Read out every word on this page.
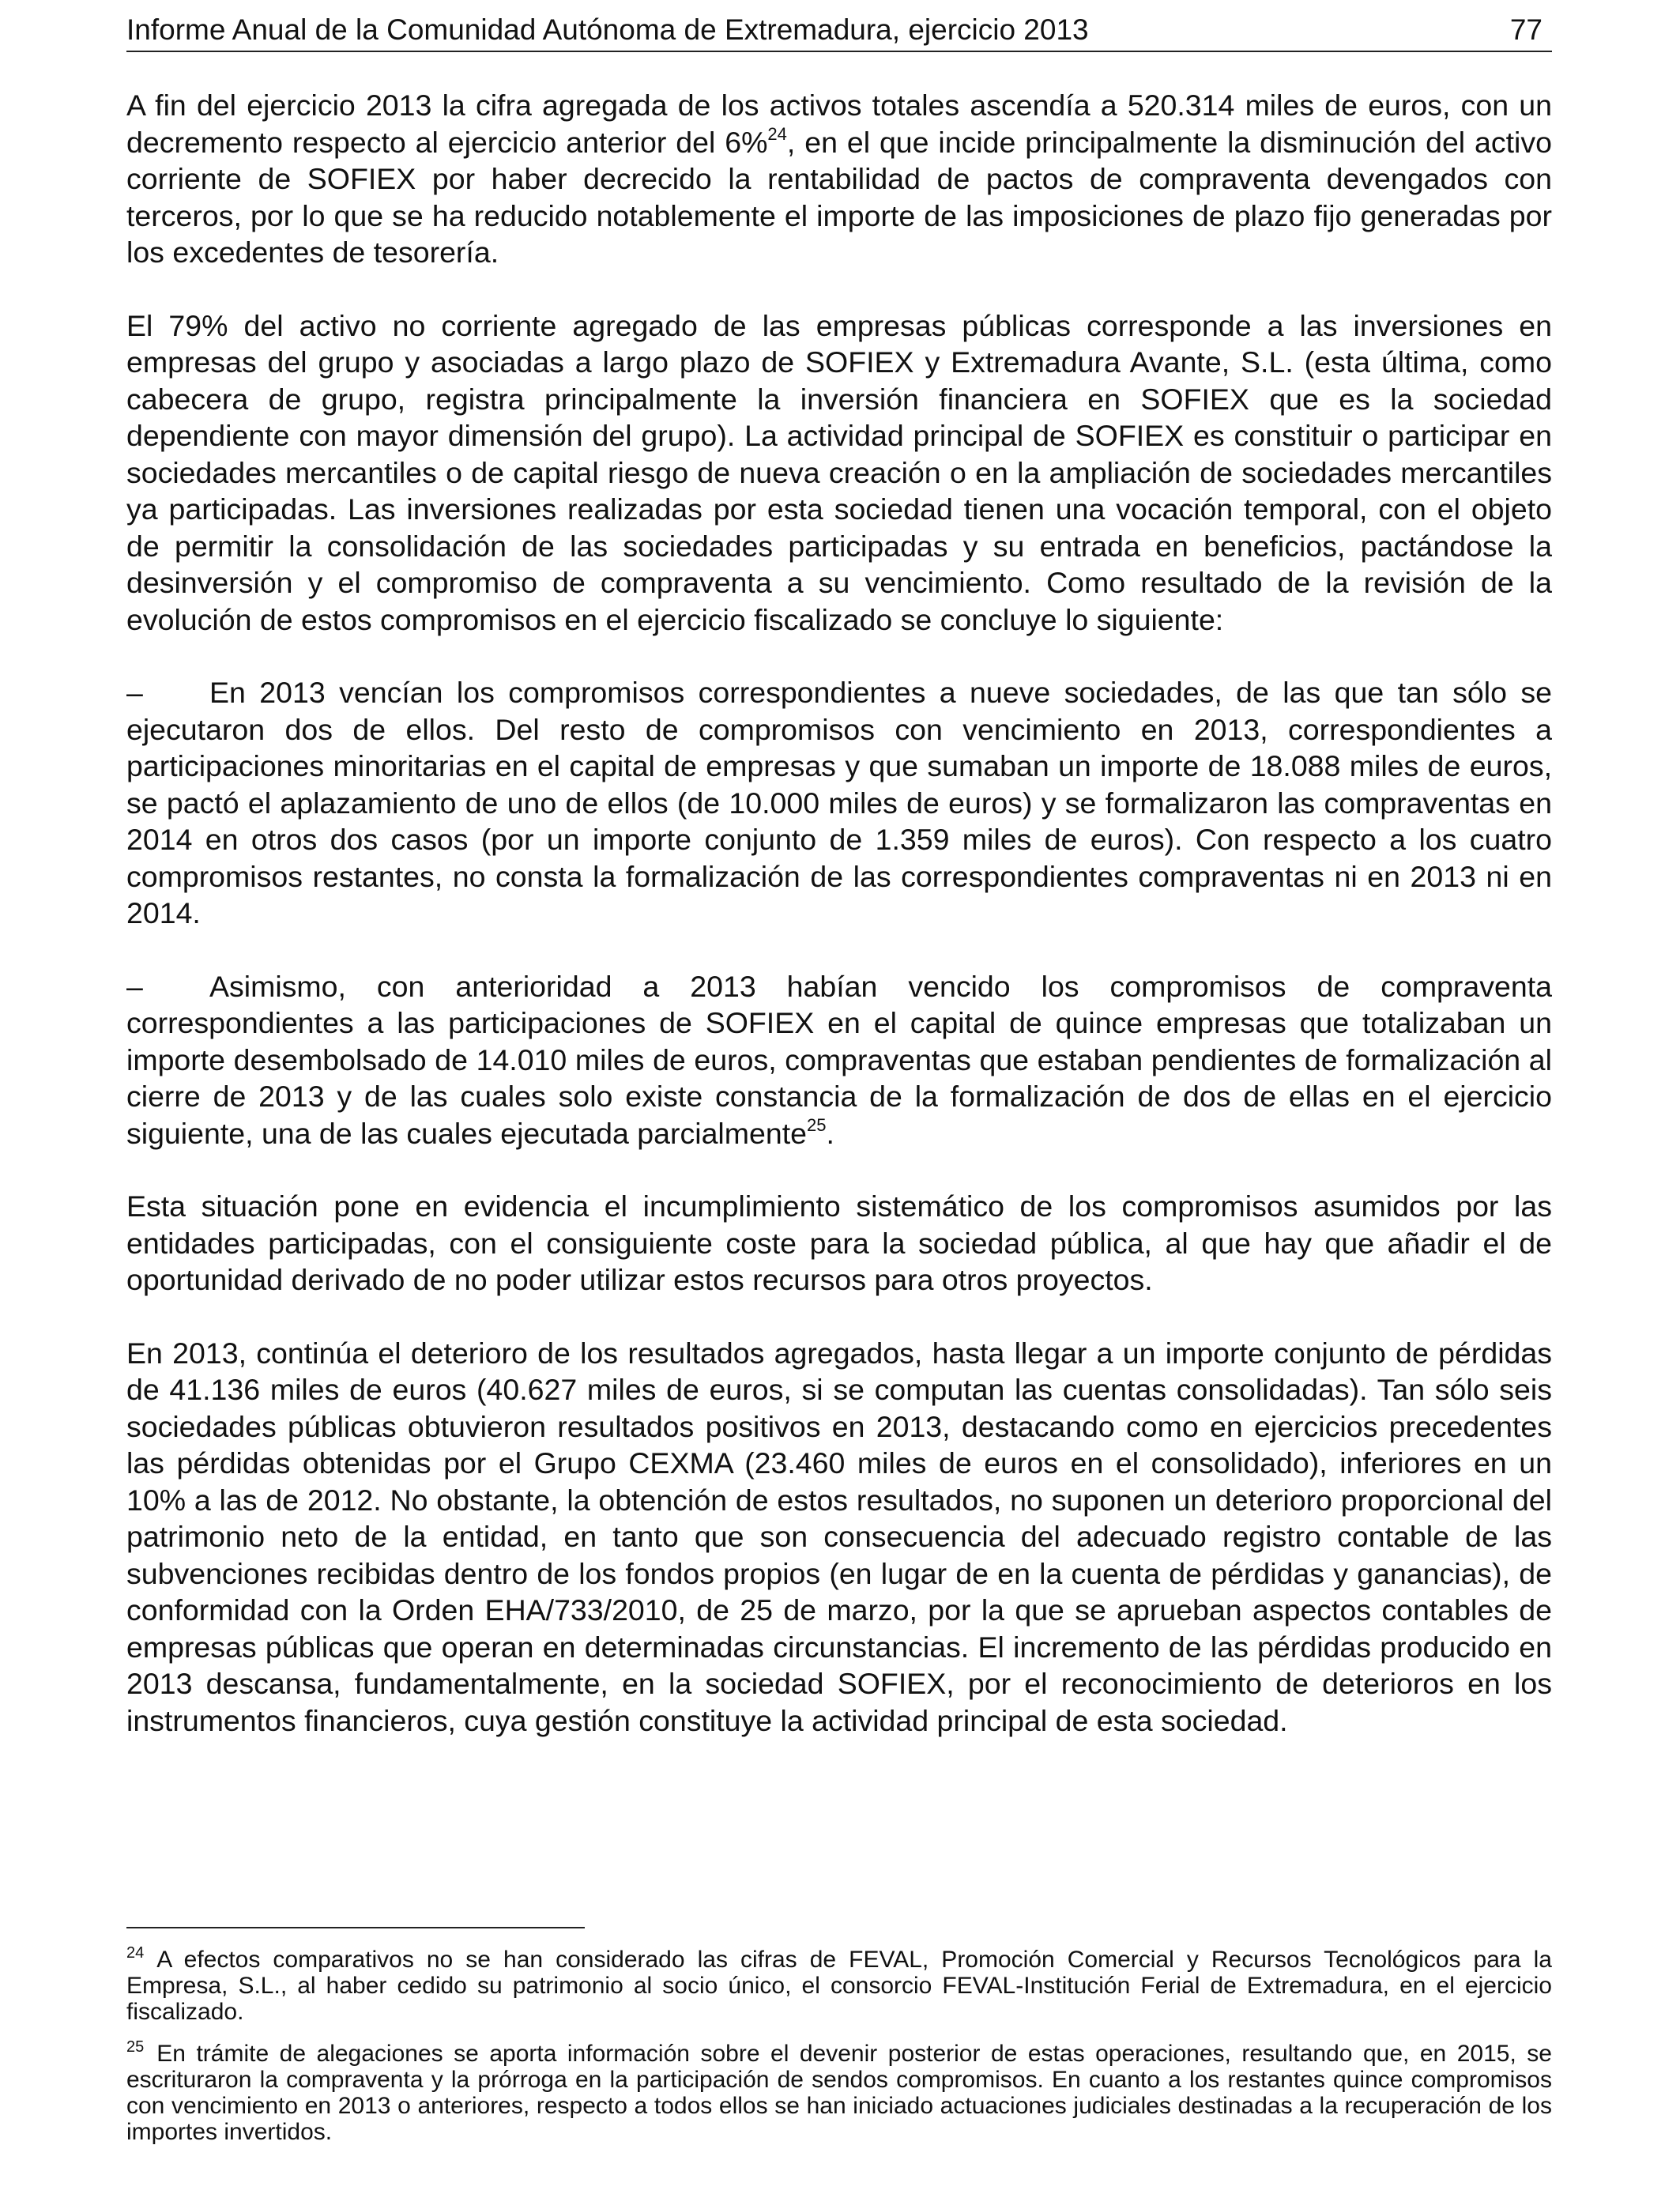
Informe Anual de la Comunidad Autónoma de Extremadura, ejercicio 2013	77

A fin del ejercicio 2013 la cifra agregada de los activos totales ascendía a 520.314 miles de euros, con un decremento respecto al ejercicio anterior del 6%$^{24}$, en el que incide principalmente la disminución del activo corriente de SOFIEX por haber decrecido la rentabilidad de pactos de compraventa devengados con terceros, por lo que se ha reducido notablemente el importe de las imposiciones de plazo fijo generadas por los excedentes de tesorería.

El 79% del activo no corriente agregado de las empresas públicas corresponde a las inversiones en empresas del grupo y asociadas a largo plazo de SOFIEX y Extremadura Avante, S.L. (esta última, como cabecera de grupo, registra principalmente la inversión financiera en SOFIEX que es la sociedad dependiente con mayor dimensión del grupo). La actividad principal de SOFIEX es constituir o participar en sociedades mercantiles o de capital riesgo de nueva creación o en la ampliación de sociedades mercantiles ya participadas. Las inversiones realizadas por esta sociedad tienen una vocación temporal, con el objeto de permitir la consolidación de las sociedades participadas y su entrada en beneficios, pactándose la desinversión y el compromiso de compraventa a su vencimiento. Como resultado de la revisión de la evolución de estos compromisos en el ejercicio fiscalizado se concluye lo siguiente:

– En 2013 vencían los compromisos correspondientes a nueve sociedades, de las que tan sólo se ejecutaron dos de ellos. Del resto de compromisos con vencimiento en 2013, correspondientes a participaciones minoritarias en el capital de empresas y que sumaban un importe de 18.088 miles de euros, se pactó el aplazamiento de uno de ellos (de 10.000 miles de euros) y se formalizaron las compraventas en 2014 en otros dos casos (por un importe conjunto de 1.359 miles de euros). Con respecto a los cuatro compromisos restantes, no consta la formalización de las correspondientes compraventas ni en 2013 ni en 2014.

– Asimismo, con anterioridad a 2013 habían vencido los compromisos de compraventa correspondientes a las participaciones de SOFIEX en el capital de quince empresas que totalizaban un importe desembolsado de 14.010 miles de euros, compraventas que estaban pendientes de formalización al cierre de 2013 y de las cuales solo existe constancia de la formalización de dos de ellas en el ejercicio siguiente, una de las cuales ejecutada parcialmente$^{25}$.

Esta situación pone en evidencia el incumplimiento sistemático de los compromisos asumidos por las entidades participadas, con el consiguiente coste para la sociedad pública, al que hay que añadir el de oportunidad derivado de no poder utilizar estos recursos para otros proyectos.

En 2013, continúa el deterioro de los resultados agregados, hasta llegar a un importe conjunto de pérdidas de 41.136 miles de euros (40.627 miles de euros, si se computan las cuentas consolidadas). Tan sólo seis sociedades públicas obtuvieron resultados positivos en 2013, destacando como en ejercicios precedentes las pérdidas obtenidas por el Grupo CEXMA (23.460 miles de euros en el consolidado), inferiores en un 10% a las de 2012. No obstante, la obtención de estos resultados, no suponen un deterioro proporcional del patrimonio neto de la entidad, en tanto que son consecuencia del adecuado registro contable de las subvenciones recibidas dentro de los fondos propios (en lugar de en la cuenta de pérdidas y ganancias), de conformidad con la Orden EHA/733/2010, de 25 de marzo, por la que se aprueban aspectos contables de empresas públicas que operan en determinadas circunstancias. El incremento de las pérdidas producido en 2013 descansa, fundamentalmente, en la sociedad SOFIEX, por el reconocimiento de deterioros en los instrumentos financieros, cuya gestión constituye la actividad principal de esta sociedad.

$^{24}$ A efectos comparativos no se han considerado las cifras de FEVAL, Promoción Comercial y Recursos Tecnológicos para la Empresa, S.L., al haber cedido su patrimonio al socio único, el consorcio FEVAL-Institución Ferial de Extremadura, en el ejercicio fiscalizado.

$^{25}$ En trámite de alegaciones se aporta información sobre el devenir posterior de estas operaciones, resultando que, en 2015, se escrituraron la compraventa y la prórroga en la participación de sendos compromisos. En cuanto a los restantes quince compromisos con vencimiento en 2013 o anteriores, respecto a todos ellos se han iniciado actuaciones judiciales destinadas a la recuperación de los importes invertidos.
